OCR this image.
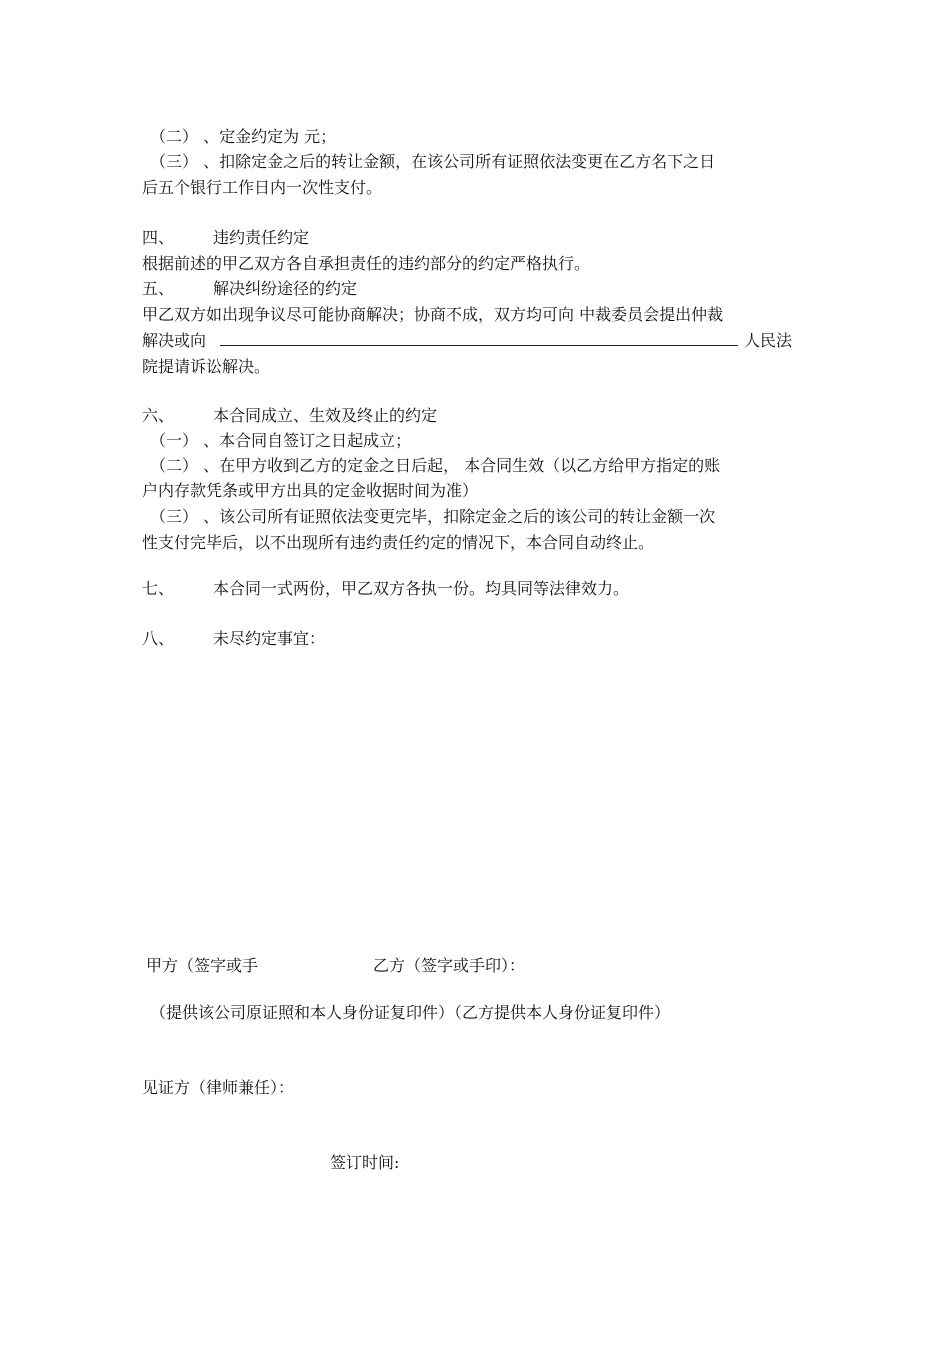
（二） 、定金约定为 元；
（三） 、扣除定金之后的转让金额，在该公司所有证照依法变更在乙方名下之日
后五个银行工作日内一次性支付。
四、 违约责任约定
根据前述的甲乙双方各自承担责任的违约部分的约定严格执行。
五、 解决纠纷途径的约定
甲乙双方如出现争议尽可能协商解决；协商不成，双方均可向 中裁委员会提出仲裁
解决或向	人民法
院提请诉讼解决。
六、 本合同成立、生效及终止的约定
（一） 、本合同自签订之日起成立；
（二） 、在甲方收到乙方的定金之日后起， 本合同生效（以乙方给甲方指定的账
户内存款凭条或甲方出具的定金收据时间为准）
（三） 、该公司所有证照依法变更完毕，扣除定金之后的该公司的转让金额一次
性支付完毕后，以不出现所有违约责任约定的情况下，本合同自动终止。
七、 本合同一式两份，甲乙双方各执一份。均具同等法律效力。
八、 未尽约定事宜：
甲方（签字或手	乙方（签字或手印）：
（提供该公司原证照和本人身份证复印件）（乙方提供本人身份证复印件）
见证方（律师兼任）：
签订时间:
